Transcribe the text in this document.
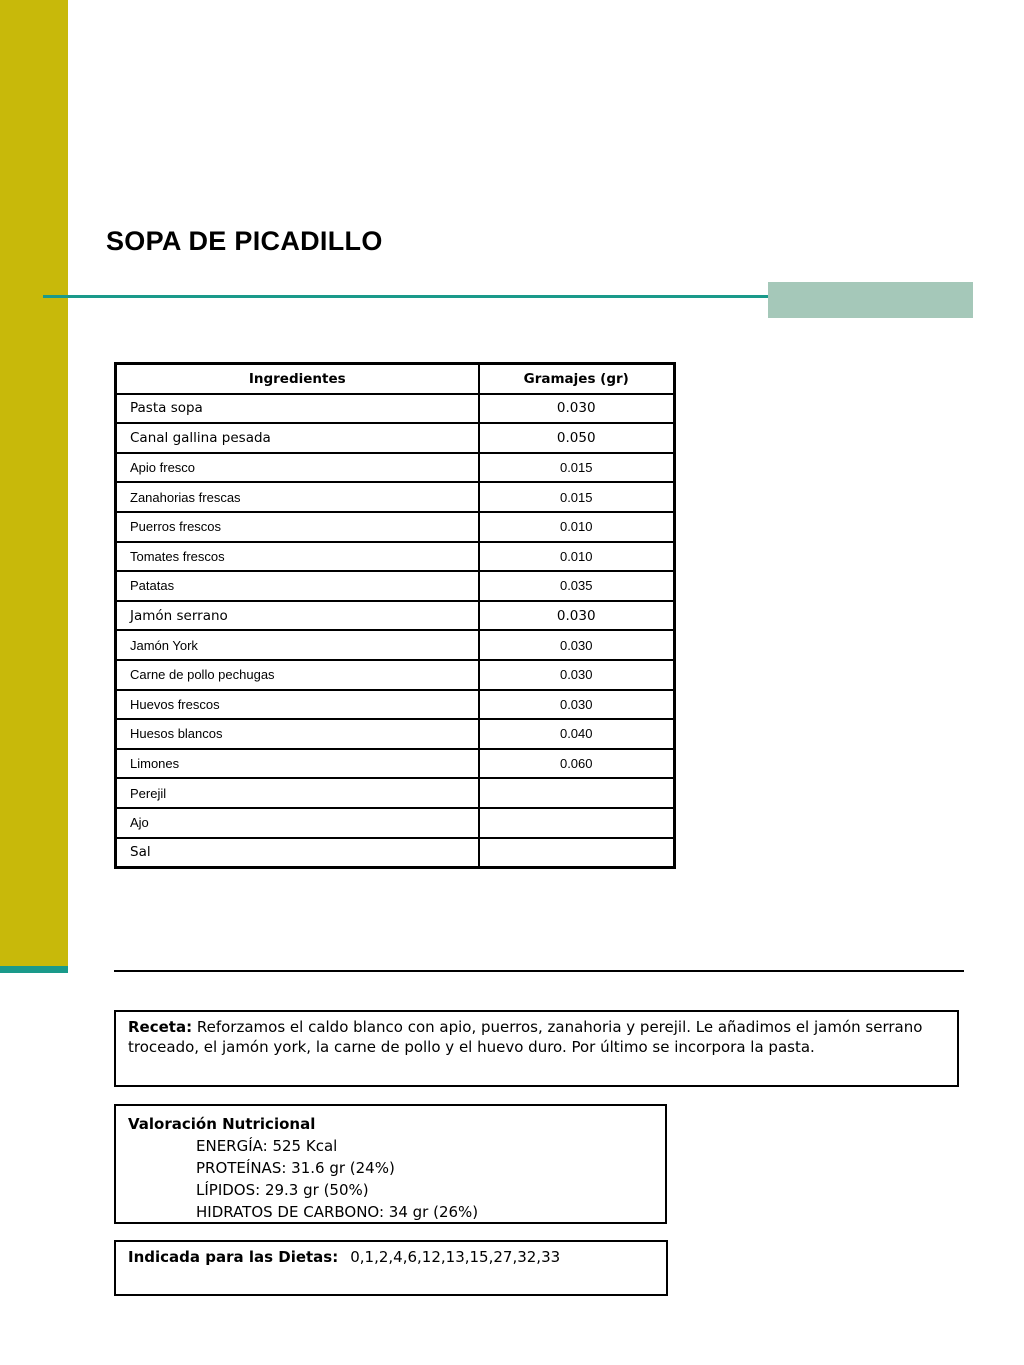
SOPA DE PICADILLO
Ingredientes	Gramajes (gr)
Pasta sopa	0.030
Canal gallina pesada	0.050
Apio fresco	0.015
Zanahorias frescas	0.015
Puerros frescos	0.010
Tomates frescos	0.010
Patatas	0.035
Jamón serrano	0.030
Jamón York	0.030
Carne de pollo pechugas	0.030
Huevos frescos	0.030
Huesos blancos	0.040
Limones	0.060
Perejil	
Ajo	
Sal	
Receta: Reforzamos el caldo blanco con apio, puerros, zanahoria y perejil. Le añadimos el jamón serrano troceado, el jamón york, la carne de pollo y el huevo duro. Por último se incorpora la pasta.
Valoración Nutricional
ENERGÍA: 525 Kcal
PROTEÍNAS: 31.6 gr (24%)
LÍPIDOS: 29.3 gr (50%)
HIDRATOS DE CARBONO: 34 gr (26%)
Indicada para las Dietas: 0,1,2,4,6,12,13,15,27,32,33
